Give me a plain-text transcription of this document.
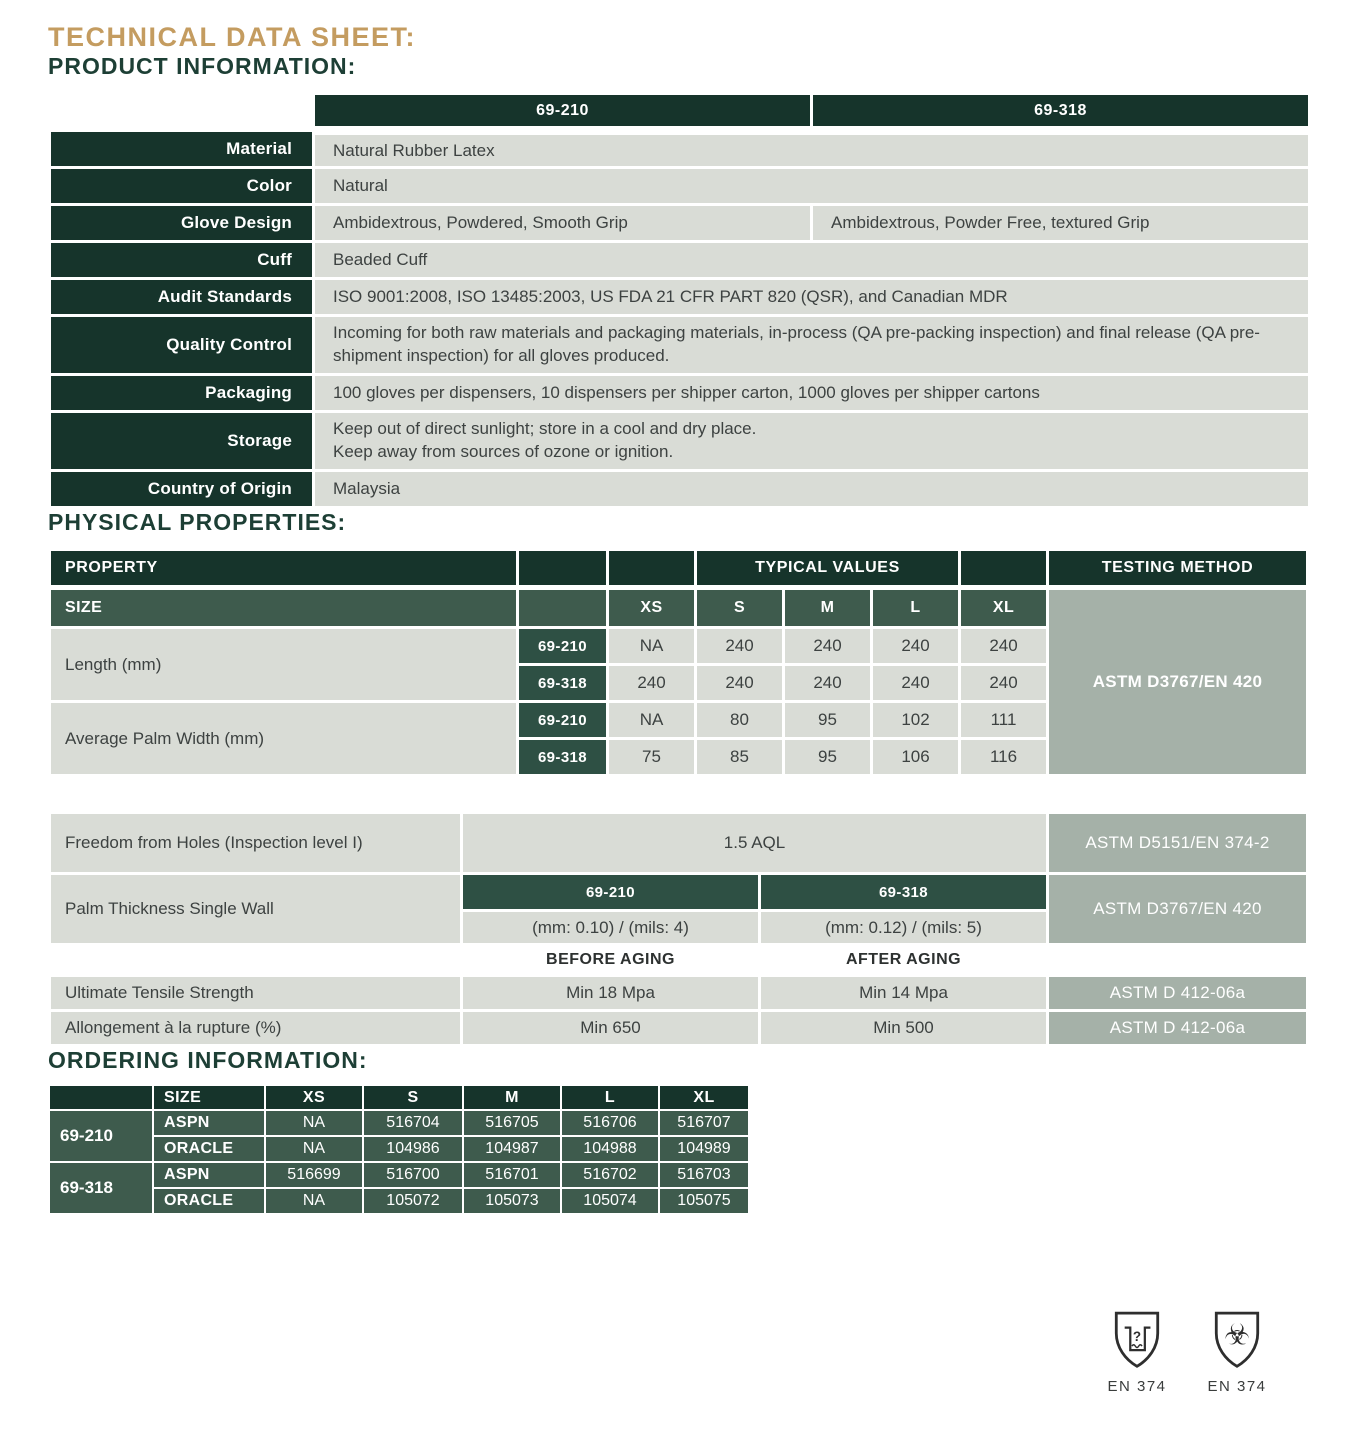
TECHNICAL DATA SHEET:
PRODUCT INFORMATION:
	69-210	69-318
Material	Natural Rubber Latex	
Color	Natural	
Glove Design	Ambidextrous, Powdered, Smooth Grip	Ambidextrous, Powder Free, textured Grip
Cuff	Beaded Cuff	
Audit Standards	ISO 9001:2008, ISO 13485:2003, US FDA 21 CFR PART 820 (QSR), and Canadian MDR	
Quality Control	Incoming for both raw materials and packaging materials, in-process (QA pre-packing inspection) and final release (QA pre-shipment inspection) for all gloves produced.	
Packaging	100 gloves per dispensers, 10 dispensers per shipper carton, 1000 gloves per shipper cartons	
Storage	Keep out of direct sunlight; store in a cool and dry place.
Keep away from sources of ozone or ignition.	

Country of Origin	Malaysia	
PHYSICAL PROPERTIES:
PROPERTY			TYPICAL VALUES				TESTING METHOD
SIZE		XS	S	M	L	XL	ASTM D3767/EN 420
Length (mm)	69-210	NA	240	240	240	240	
	69-318	240	240	240	240	240	
Average Palm Width (mm)	69-210	NA	80	95	102	111	
	69-318	75	85	95	106	116	
Freedom from Holes (Inspection level I)	1.5 AQL		ASTM D5151/EN 374-2
Palm Thickness Single Wall	69-210	69-318	ASTM D3767/EN 420
	(mm: 0.10) / (mils: 4)	(mm: 0.12) / (mils: 5)	
	BEFORE AGING	AFTER AGING	
Ultimate Tensile Strength	Min 18 Mpa	Min 14 Mpa	ASTM D 412-06a
Allongement à la rupture (%)	Min 650	Min 500	ASTM D 412-06a
ORDERING INFORMATION:
	SIZE	XS	S	M	L	XL
69-210	ASPN	NA	516704	516705	516706	516707
	ORACLE	NA	104986	104987	104988	104989
69-318	ASPN	516699	516700	516701	516702	516703
	ORACLE	NA	105072	105073	105074	105075
?
EN 374
☣
EN 374
